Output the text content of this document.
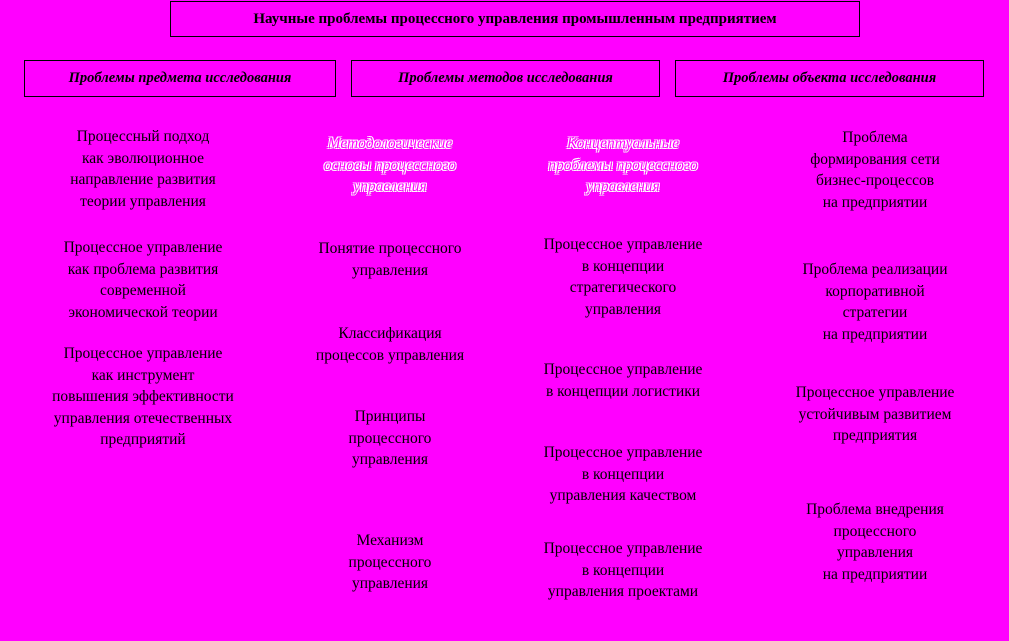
Научные проблемы процессного управления промышленным предприятием
Проблемы предмета исследования	Проблемы методов исследования	Проблемы объекта исследования
Процессный подход
как эволюционное
направление развития
теории управления
Процессное управление
как проблема развития
современной
экономической теории
Процессное управление
как инструмент
повышения эффективности
управления отечественных
предприятий
Методологические
основы процессного
управления
Понятие процессного
управления
Классификация
процессов управления
Принципы
процессного
управления
Механизм
процессного
управления
Концептуальные
проблемы процессного
управления
Процессное управление
в концепции
стратегического
управления
Процессное управление
в концепции логистики
Процессное управление
в концепции
управления качеством
Процессное управление
в концепции
управления проектами
Проблема
формирования сети
бизнес-процессов
на предприятии
Проблема реализации
корпоративной
стратегии
на предприятии
Процессное управление
устойчивым развитием
предприятия
Проблема внедрения
процессного
управления
на предприятии
